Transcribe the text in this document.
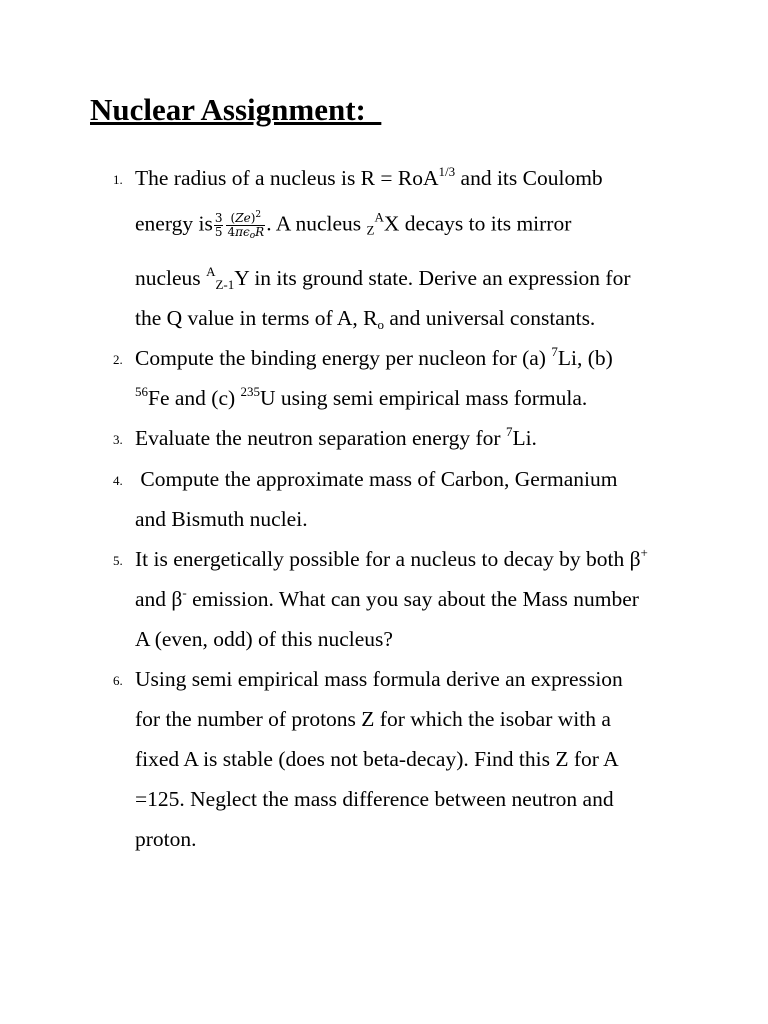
Nuclear Assignment:
1. The radius of a nucleus is R = RoA$^{1/3}$ and its Coulomb
energy is $\frac{3}{5} \frac{(Ze)^2}{4\pi\epsilon_oR}$ . A nucleus $_Z^A$X decays to its mirror
nucleus $^A_{Z-1}$Y in its ground state. Derive an expression for
the Q value in terms of A, $R_o$ and universal constants.
2. Compute the binding energy per nucleon for (a) $^7$Li, (b)
$^{56}$Fe and (c) $^{235}$U using semi empirical mass formula.
3. Evaluate the neutron separation energy for $^7$Li.
4. Compute the approximate mass of Carbon, Germanium
and Bismuth nuclei.
5. It is energetically possible for a nucleus to decay by both β+
and β- emission. What can you say about the Mass number
A (even, odd) of this nucleus?
6. Using semi empirical mass formula derive an expression
for the number of protons Z for which the isobar with a
fixed A is stable (does not beta-decay). Find this Z for A
=125. Neglect the mass difference between neutron and
proton.
